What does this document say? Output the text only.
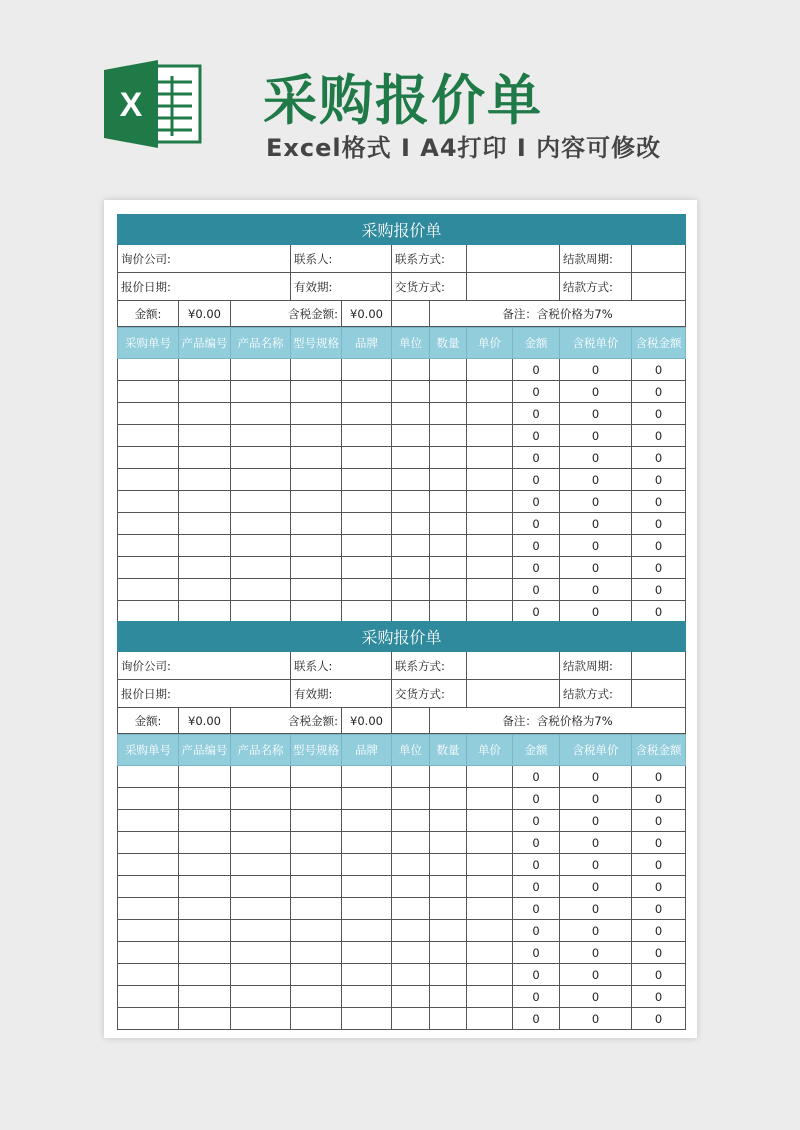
X 采购报价单
Excel格式 I A4打印 I 内容可修改
采购报价单									
询价公司:			联系人:		联系方式:			结款周期:	
报价日期:			有效期:		交货方式:			结款方式:	
金额:	¥0.00	含税金额:		¥0.00		备注：含税价格为7%			
采购单号	产品编号	产品名称	型号规格	品牌	单位	数量	单价	金额	含税单价	含税金额
								0	0	0
								0	0	0
								0	0	0
								0	0	0
								0	0	0
								0	0	0
								0	0	0
								0	0	0
								0	0	0
								0	0	0
								0	0	0
								0	0	0
采购报价单									
询价公司:			联系人:		联系方式:			结款周期:	
报价日期:			有效期:		交货方式:			结款方式:	
金额:	¥0.00	含税金额:		¥0.00		备注：含税价格为7%			
采购单号	产品编号	产品名称	型号规格	品牌	单位	数量	单价	金额	含税单价	含税金额
								0	0	0
								0	0	0
								0	0	0
								0	0	0
								0	0	0
								0	0	0
								0	0	0
								0	0	0
								0	0	0
								0	0	0
								0	0	0
								0	0	0
